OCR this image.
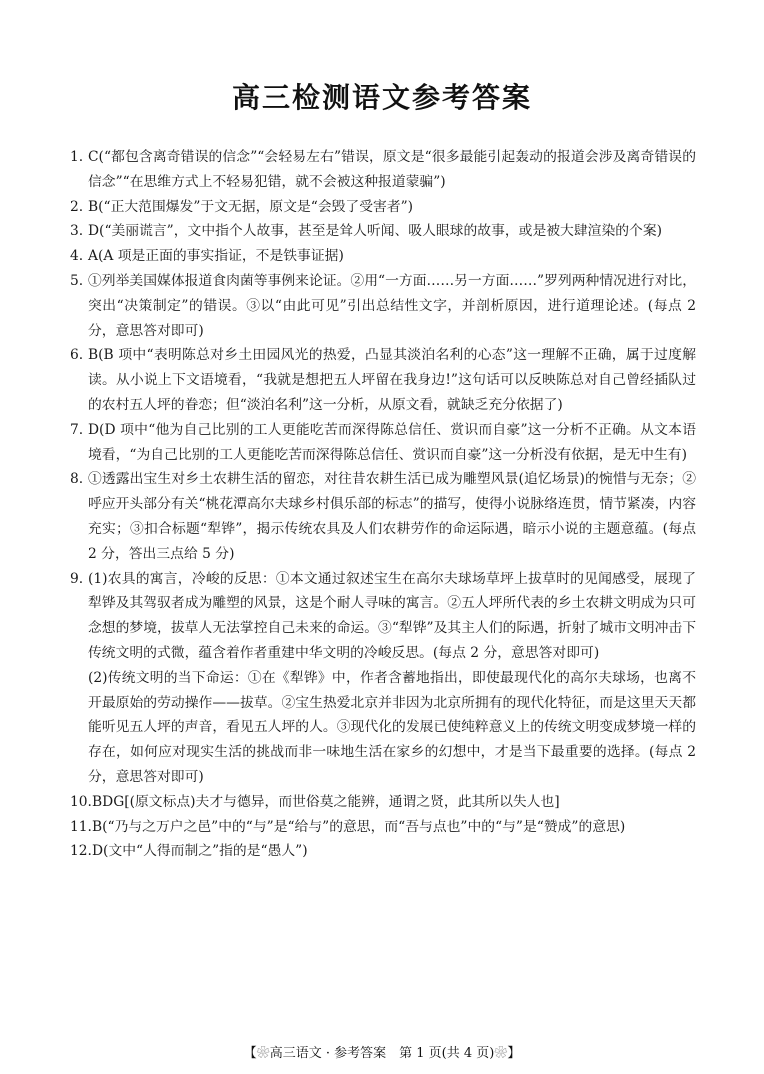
高三检测语文参考答案
1. C(“都包含离奇错误的信念”“会轻易左右”错误，原文是“很多最能引起轰动的报道会涉及离奇错误的信念”“在思维方式上不轻易犯错，就不会被这种报道蒙骗”)
2. B(“正大范围爆发”于文无据，原文是“会毁了受害者”)
3. D(“美丽谎言”，文中指个人故事，甚至是耸人听闻、吸人眼球的故事，或是被大肆渲染的个案)
4. A(A 项是正面的事实指证，不是铁事证据)
5. ①列举美国媒体报道食肉菌等事例来论证。②用“一方面……另一方面……”罗列两种情况进行对比，突出“决策制定”的错误。③以“由此可见”引出总结性文字，并剖析原因，进行道理论述。(每点 2 分，意思答对即可)
6. B(B 项中“表明陈总对乡土田园风光的热爱，凸显其淡泊名利的心态”这一理解不正确，属于过度解读。从小说上下文语境看，“我就是想把五人坪留在我身边!”这句话可以反映陈总对自己曾经插队过的农村五人坪的眷恋；但“淡泊名利”这一分析，从原文看，就缺乏充分依据了)
7. D(D 项中“他为自己比别的工人更能吃苦而深得陈总信任、赏识而自豪”这一分析不正确。从文本语境看，“为自己比别的工人更能吃苦而深得陈总信任、赏识而自豪”这一分析没有依据，是无中生有)
8. ①透露出宝生对乡土农耕生活的留恋，对往昔农耕生活已成为雕塑风景(追忆场景)的惋惜与无奈；②呼应开头部分有关“桃花潭高尔夫球乡村俱乐部的标志”的描写，使得小说脉络连贯，情节紧凑，内容充实；③扣合标题“犁铧”，揭示传统农具及人们农耕劳作的命运际遇，暗示小说的主题意蕴。(每点 2 分，答出三点给 5 分)
9. (1)农具的寓言，冷峻的反思：①本文通过叙述宝生在高尔夫球场草坪上拔草时的见闻感受，展现了犁铧及其驾驭者成为雕塑的风景，这是个耐人寻味的寓言。②五人坪所代表的乡土农耕文明成为只可念想的梦境，拔草人无法掌控自己未来的命运。③“犁铧”及其主人们的际遇，折射了城市文明冲击下传统文明的式微，蕴含着作者重建中华文明的冷峻反思。(每点 2 分，意思答对即可)
(2)传统文明的当下命运：①在《犁铧》中，作者含蓄地指出，即使最现代化的高尔夫球场，也离不开最原始的劳动操作——拔草。②宝生热爱北京并非因为北京所拥有的现代化特征，而是这里天天都能听见五人坪的声音，看见五人坪的人。③现代化的发展已使纯粹意义上的传统文明变成梦境一样的存在，如何应对现实生活的挑战而非一味地生活在家乡的幻想中，才是当下最重要的选择。(每点 2 分，意思答对即可)
10. BDG[(原文标点)夫才与德异，而世俗莫之能辨，通谓之贤，此其所以失人也]
11. B(“乃与之万户之邑”中的“与”是“给与”的意思，而“吾与点也”中的“与”是“赞成”的意思)
12. D(文中“人得而制之”指的是“愚人”)
【❀高三语文 · 参考答案　第 1 页(共 4 页)❀】
